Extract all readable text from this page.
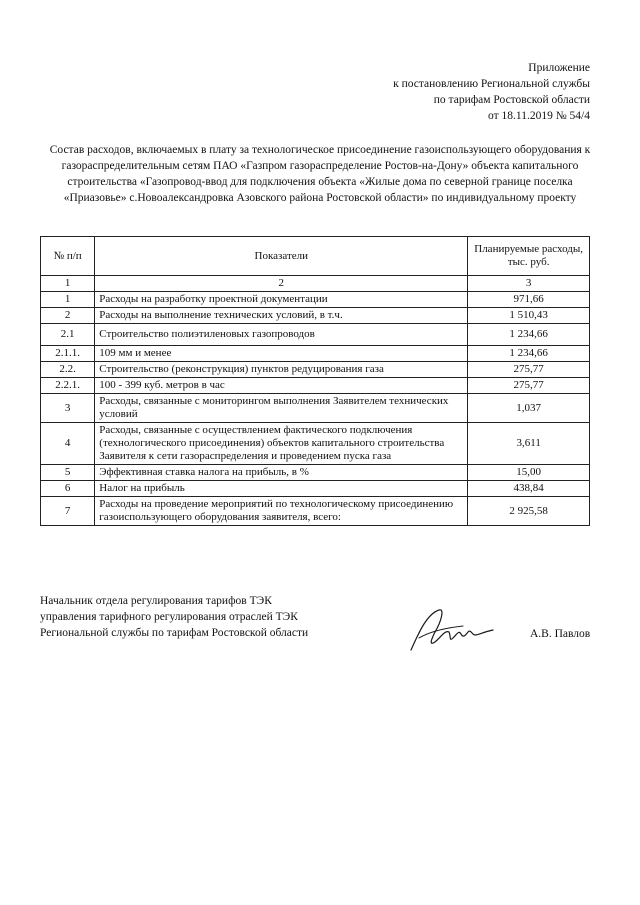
Приложение
к постановлению Региональной службы
по тарифам Ростовской области
от 18.11.2019 № 54/4
Состав расходов, включаемых в плату за технологическое присоединение газоиспользующего оборудования к
газораспределительным сетям ПАО «Газпром газораспределение Ростов-на-Дону» объекта капитального
строительства «Газопровод-ввод для подключения объекта «Жилые дома по северной границе поселка
«Приазовье» с.Новоалександровка Азовского района Ростовской области» по индивидуальному проекту
№ п/п	Показатели	Планируемые расходы, тыс. руб.
1	2	3
1	Расходы на разработку проектной документации	971,66
2	Расходы на выполнение технических условий, в т.ч.	1 510,43
2.1	Строительство полиэтиленовых газопроводов	1 234,66
2.1.1.	109 мм и менее	1 234,66
2.2.	Строительство (реконструкция) пунктов редуцирования газа	275,77
2.2.1.	100 - 399 куб. метров в час	275,77
3	Расходы, связанные с мониторингом выполнения Заявителем технических условий	1,037
4	Расходы, связанные с осуществлением фактического подключения (технологического присоединения) объектов капитального строительства Заявителя к сети газораспределения и проведением пуска газа	3,611
5	Эффективная ставка налога на прибыль, в %	15,00
6	Налог на прибыль	438,84
7	Расходы на проведение мероприятий по технологическому присоединению газоиспользующего оборудования заявителя, всего:	2 925,58
Начальник отдела регулирования тарифов ТЭК
управления тарифного регулирования отраслей ТЭК
Региональной службы по тарифам Ростовской области	А.В. Павлов
